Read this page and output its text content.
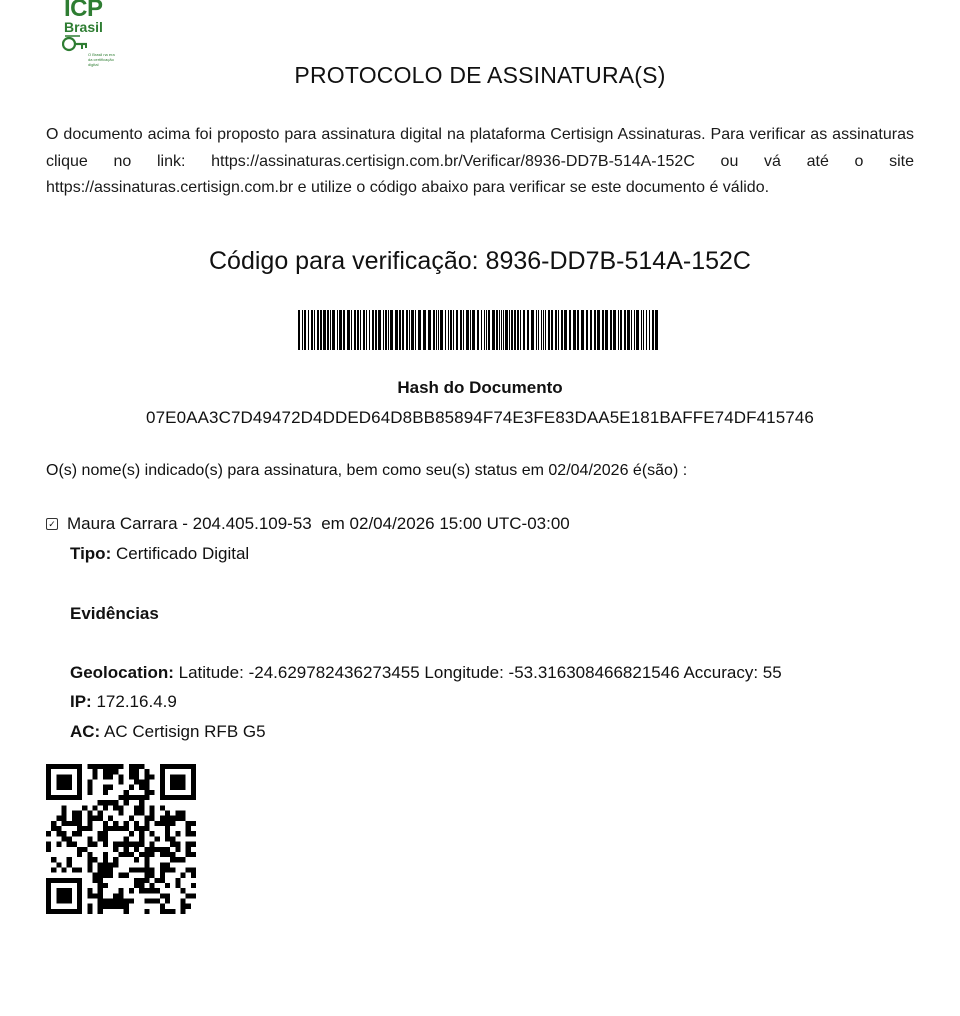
ICP
Brasil
O Brasil na era da certificação digital	PROTOCOLO DE ASSINATURA(S)
O documento acima foi proposto para assinatura digital na plataforma Certisign Assinaturas. Para verificar as assinaturas clique no link: https://assinaturas.certisign.com.br/Verificar/8936-DD7B-514A-152C ou vá até o site https://assinaturas.certisign.com.br e utilize o código abaixo para verificar se este documento é válido.
Código para verificação: 8936-DD7B-514A-152C
Hash do Documento
07E0AA3C7D49472D4DDED64D8BB85894F74E3FE83DAA5E181BAFFE74DF415746
O(s) nome(s) indicado(s) para assinatura, bem como seu(s) status em 02/04/2026 é(são) :
✓ Maura Carrara - 204.405.109-53 em 02/04/2026 15:00 UTC-03:00
Tipo: Certificado Digital
Evidências
Geolocation: Latitude: -24.629782436273455 Longitude: -53.316308466821546 Accuracy: 55
IP: 172.16.4.9
AC: AC Certisign RFB G5
